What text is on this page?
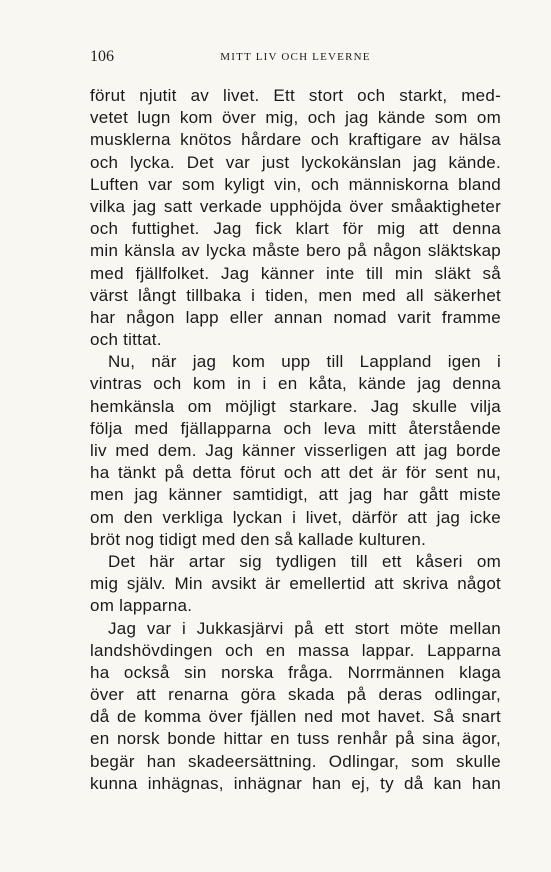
106	MITT LIV OCH LEVERNE
förut njutit av livet. Ett stort och starkt, med-
vetet lugn kom över mig, och jag kände som om
musklerna knötos hårdare och kraftigare av hälsa
och lycka. Det var just lyckokänslan jag kände.
Luften var som kyligt vin, och människorna bland
vilka jag satt verkade upphöjda över småaktigheter
och futtighet. Jag fick klart för mig att denna
min känsla av lycka måste bero på någon släktskap
med fjällfolket. Jag känner inte till min släkt så
värst långt tillbaka i tiden, men med all säkerhet
har någon lapp eller annan nomad varit framme
och tittat.
Nu, när jag kom upp till Lappland igen i
vintras och kom in i en kåta, kände jag denna
hemkänsla om möjligt starkare. Jag skulle vilja
följa med fjällapparna och leva mitt återstående
liv med dem. Jag känner visserligen att jag borde
ha tänkt på detta förut och att det är för sent nu,
men jag känner samtidigt, att jag har gått miste
om den verkliga lyckan i livet, därför att jag icke
bröt nog tidigt med den så kallade kulturen.
Det här artar sig tydligen till ett kåseri om
mig själv. Min avsikt är emellertid att skriva något
om lapparna.
Jag var i Jukkasjärvi på ett stort möte mellan
landshövdingen och en massa lappar. Lapparna
ha också sin norska fråga. Norrmännen klaga
över att renarna göra skada på deras odlingar,
då de komma över fjällen ned mot havet. Så snart
en norsk bonde hittar en tuss renhår på sina ägor,
begär han skadeersättning. Odlingar, som skulle
kunna inhägnas, inhägnar han ej, ty då kan han
